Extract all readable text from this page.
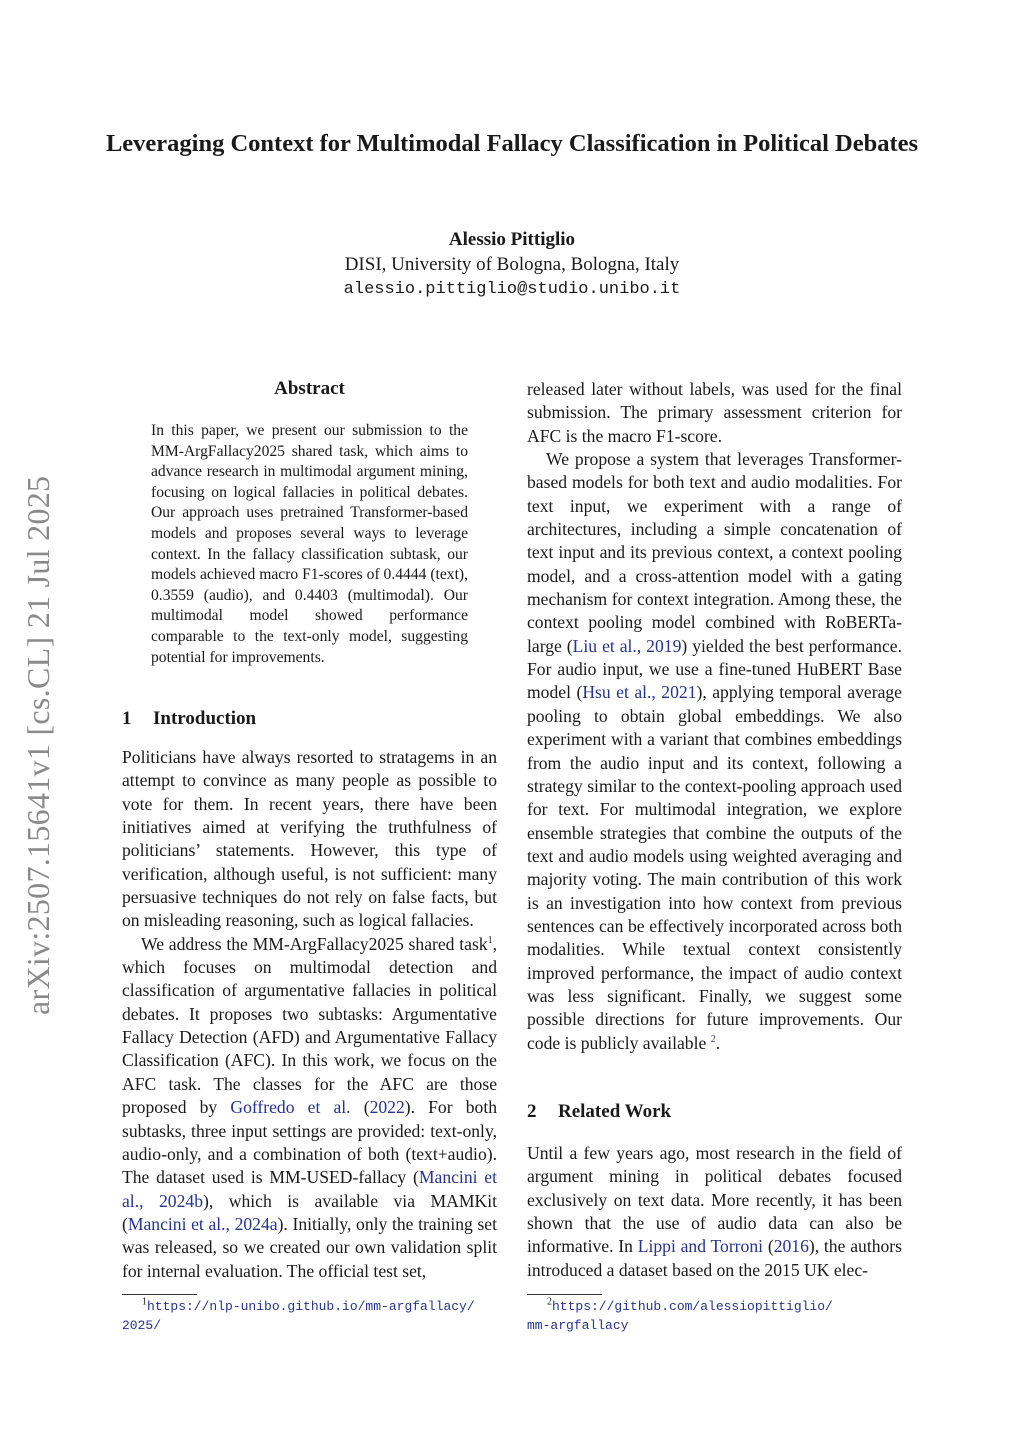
arXiv:2507.15641v1 [cs.CL] 21 Jul 2025
Leveraging Context for Multimodal Fallacy Classification in Political Debates
Alessio Pittiglio
DISI, University of Bologna, Bologna, Italy
alessio.pittiglio@studio.unibo.it
Abstract
In this paper, we present our submission to the MM-ArgFallacy2025 shared task, which aims to advance research in multimodal argument mining, focusing on logical fallacies in political debates. Our approach uses pretrained Transformer-based models and proposes several ways to leverage context. In the fallacy classification subtask, our models achieved macro F1-scores of 0.4444 (text), 0.3559 (audio), and 0.4403 (multimodal). Our multimodal model showed performance comparable to the text-only model, suggesting potential for improvements.
1 Introduction

Politicians have always resorted to stratagems in an attempt to convince as many people as possible to vote for them. In recent years, there have been initiatives aimed at verifying the truthfulness of politicians’ statements. However, this type of verification, although useful, is not sufficient: many persuasive techniques do not rely on false facts, but on misleading reasoning, such as logical fallacies.

We address the MM-ArgFallacy2025 shared task$^1$, which focuses on multimodal detection and classification of argumentative fallacies in political debates. It proposes two subtasks: Argumentative Fallacy Detection (AFD) and Argumentative Fallacy Classification (AFC). In this work, we focus on the AFC task. The classes for the AFC are those proposed by Goffredo et al. (2022). For both subtasks, three input settings are provided: text-only, audio-only, and a combination of both (text+audio). The dataset used is MM-USED-fallacy (Mancini et al., 2024b), which is available via MAMKit (Mancini et al., 2024a). Initially, only the training set was released, so we created our own validation split for internal evaluation. The official test set,

released later without labels, was used for the final submission. The primary assessment criterion for AFC is the macro F1-score.

We propose a system that leverages Transformer-based models for both text and audio modalities. For text input, we experiment with a range of architectures, including a simple concatenation of text input and its previous context, a context pooling model, and a cross-attention model with a gating mechanism for context integration. Among these, the context pooling model combined with RoBERTa-large (Liu et al., 2019) yielded the best performance. For audio input, we use a fine-tuned HuBERT Base model (Hsu et al., 2021), applying temporal average pooling to obtain global embeddings. We also experiment with a variant that combines embeddings from the audio input and its context, following a strategy similar to the context-pooling approach used for text. For multimodal integration, we explore ensemble strategies that combine the outputs of the text and audio models using weighted averaging and majority voting. The main contribution of this work is an investigation into how context from previous sentences can be effectively incorporated across both modalities. While textual context consistently improved performance, the impact of audio context was less significant. Finally, we suggest some possible directions for future improvements. Our code is publicly available $^2$.

2 Related Work

Until a few years ago, most research in the field of argument mining in political debates focused exclusively on text data. More recently, it has been shown that the use of audio data can also be informative. In Lippi and Torroni (2016), the authors introduced a dataset based on the 2015 UK elec-

$^1$https://nlp-unibo.github.io/mm-argfallacy/
2025/
$^2$https://github.com/alessiopittiglio/
mm-argfallacy
